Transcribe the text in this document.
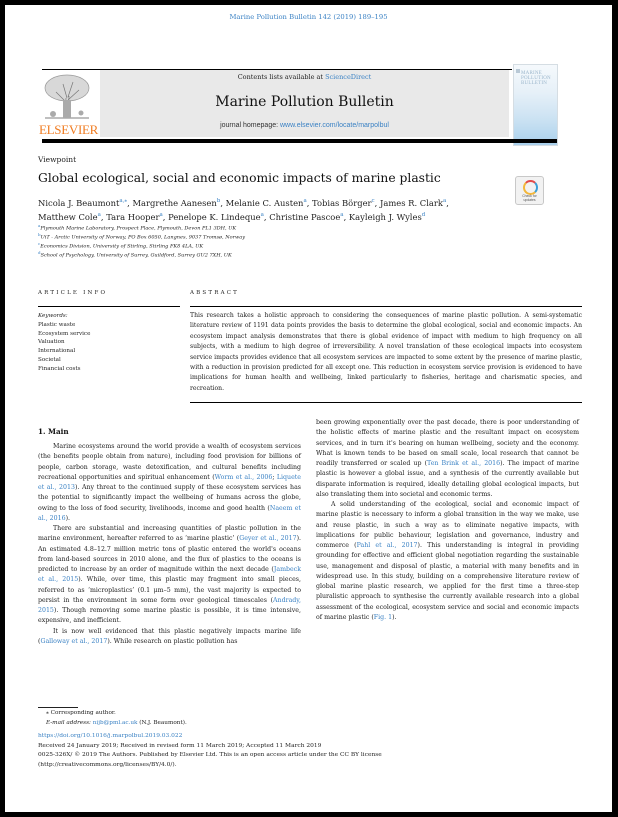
Marine Pollution Bulletin 142 (2019) 189–195
ELSEVIER
Contents lists available at ScienceDirect
Marine Pollution Bulletin
journal homepage: www.elsevier.com/locate/marpolbul
MARINE POLLUTION BULLETIN
Viewpoint
Global ecological, social and economic impacts of marine plastic
Check for updates
Nicola J. Beaumont$^{a,⁎}$, Margrethe Aanesen$^b$, Melanie C. Austen$^a$, Tobias Börger$^c$, James R. Clark$^a$,
Matthew Cole$^a$, Tara Hooper$^a$, Penelope K. Lindeque$^a$, Christine Pascoe$^a$, Kayleigh J. Wyles$^d$
$^a$Plymouth Marine Laboratory, Prospect Place, Plymouth, Devon PL1 3DH, UK
$^b$UiT - Arctic University of Norway, PO Box 6050, Langnes, 9037 Tromsø, Norway
$^c$Economics Division, University of Stirling, Stirling FK8 4LA, UK
$^d$School of Psychology, University of Surrey, Guildford, Surrey GU2 7XH, UK
ARTICLE INFO	ABSTRACT
Keywords:
Plastic waste
Ecosystem service
Valuation
International
Societal
Financial costs
This research takes a holistic approach to considering the consequences of marine plastic pollution. A semi-systematic literature review of 1191 data points provides the basis to determine the global ecological, social and economic impacts. An ecosystem impact analysis demonstrates that there is global evidence of impact with medium to high frequency on all subjects, with a medium to high degree of irreversibility. A novel translation of these ecological impacts into ecosystem service impacts provides evidence that all ecosystem services are impacted to some extent by the presence of marine plastic, with a reduction in provision predicted for all except one. This reduction in ecosystem service provision is evidenced to have implications for human health and wellbeing, linked particularly to fisheries, heritage and charismatic species, and recreation.
1. Main

Marine ecosystems around the world provide a wealth of ecosystem services (the benefits people obtain from nature), including food provision for billions of people, carbon storage, waste detoxification, and cultural benefits including recreational opportunities and spiritual enhancement (Worm et al., 2006; Liquete et al., 2013). Any threat to the continued supply of these ecosystem services has the potential to significantly impact the wellbeing of humans across the globe, owing to the loss of food security, livelihoods, income and good health (Naeem et al., 2016).

There are substantial and increasing quantities of plastic pollution in the marine environment, hereafter referred to as ‘marine plastic’ (Geyer et al., 2017). An estimated 4.8–12.7 million metric tons of plastic entered the world's oceans from land-based sources in 2010 alone, and the flux of plastics to the oceans is predicted to increase by an order of magnitude within the next decade (Jambeck et al., 2015). While, over time, this plastic may fragment into small pieces, referred to as ‘microplastics’ (0.1 μm–5 mm), the vast majority is expected to persist in the environment in some form over geological timescales (Andrady, 2015). Though removing some marine plastic is possible, it is time intensive, expensive, and inefficient.

It is now well evidenced that this plastic negatively impacts marine life (Galloway et al., 2017). While research on plastic pollution has

been growing exponentially over the past decade, there is poor understanding of the holistic effects of marine plastic and the resultant impact on ecosystem services, and in turn it's bearing on human wellbeing, society and the economy. What is known tends to be based on small scale, local research that cannot be readily transferred or scaled up (Ten Brink et al., 2016). The impact of marine plastic is however a global issue, and a synthesis of the currently available but disparate information is required, ideally detailing global ecological impacts, but also translating them into societal and economic terms.

A solid understanding of the ecological, social and economic impact of marine plastic is necessary to inform a global transition in the way we make, use and reuse plastic, in such a way as to eliminate negative impacts, with implications for public behaviour, legislation and governance, industry and commerce (Pahl et al., 2017). This understanding is integral in providing grounding for effective and efficient global negotiation regarding the sustainable use, management and disposal of plastic, a material with many benefits and in widespread use. In this study, building on a comprehensive literature review of global marine plastic research, we applied for the first time a three-step pluralistic approach to synthesise the currently available research into a global assessment of the ecological, ecosystem service and social and economic impacts of marine plastic (Fig. 1).

⁎ Corresponding author.
E-mail address: nijb@pml.ac.uk (N.J. Beaumont).
https://doi.org/10.1016/j.marpolbul.2019.03.022
Received 24 January 2019; Received in revised form 11 March 2019; Accepted 11 March 2019
0025-326X/ © 2019 The Authors. Published by Elsevier Ltd. This is an open access article under the CC BY license
(http://creativecommons.org/licenses/BY/4.0/).
